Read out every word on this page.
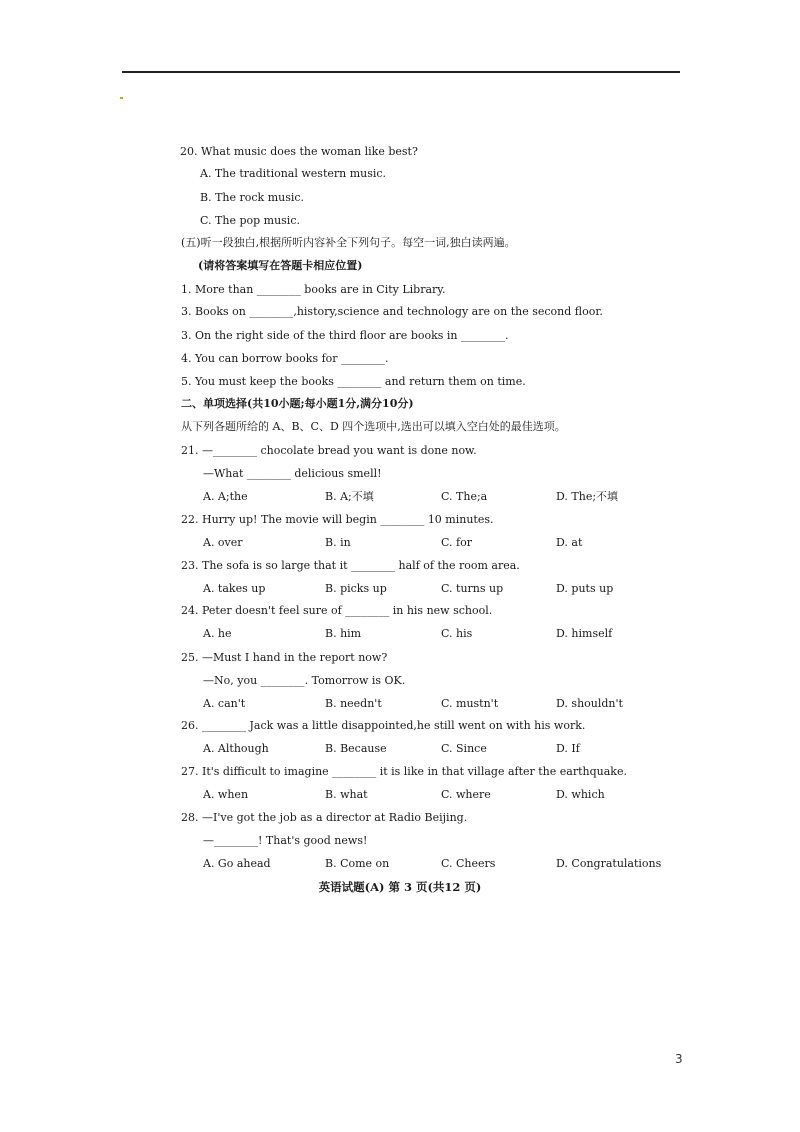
20. What music does the woman like best?
A. The traditional western music.
B. The rock music.
C. The pop music.
(五)听一段独白,根据所听内容补全下列句子。每空一词,独白读两遍。
(请将答案填写在答题卡相应位置)
1. More than ________ books are in City Library.
3. Books on ________,history,science and technology are on the second floor.
3. On the right side of the third floor are books in ________.
4. You can borrow books for ________.
5. You must keep the books ________ and return them on time.
二、单项选择(共10小题;每小题1分,满分10分)
从下列各题所给的 A、B、C、D 四个选项中,选出可以填入空白处的最佳选项。
21. —________ chocolate bread you want is done now.
—What ________ delicious smell!
A. A;the	B. A;不填	C. The;a	D. The;不填
22. Hurry up! The movie will begin ________ 10 minutes.
A. over	B. in	C. for	D. at
23. The sofa is so large that it ________ half of the room area.
A. takes up	B. picks up	C. turns up	D. puts up
24. Peter doesn't feel sure of ________ in his new school.
A. he	B. him	C. his	D. himself
25. —Must I hand in the report now?
—No, you ________. Tomorrow is OK.
A. can't	B. needn't	C. mustn't	D. shouldn't
26. ________ Jack was a little disappointed,he still went on with his work.
A. Although	B. Because	C. Since	D. If
27. It's difficult to imagine ________ it is like in that village after the earthquake.
A. when	B. what	C. where	D. which
28. —I've got the job as a director at Radio Beijing.
—________! That's good news!
A. Go ahead	B. Come on	C. Cheers	D. Congratulations
英语试题(A) 第 3 页(共12 页)
3
